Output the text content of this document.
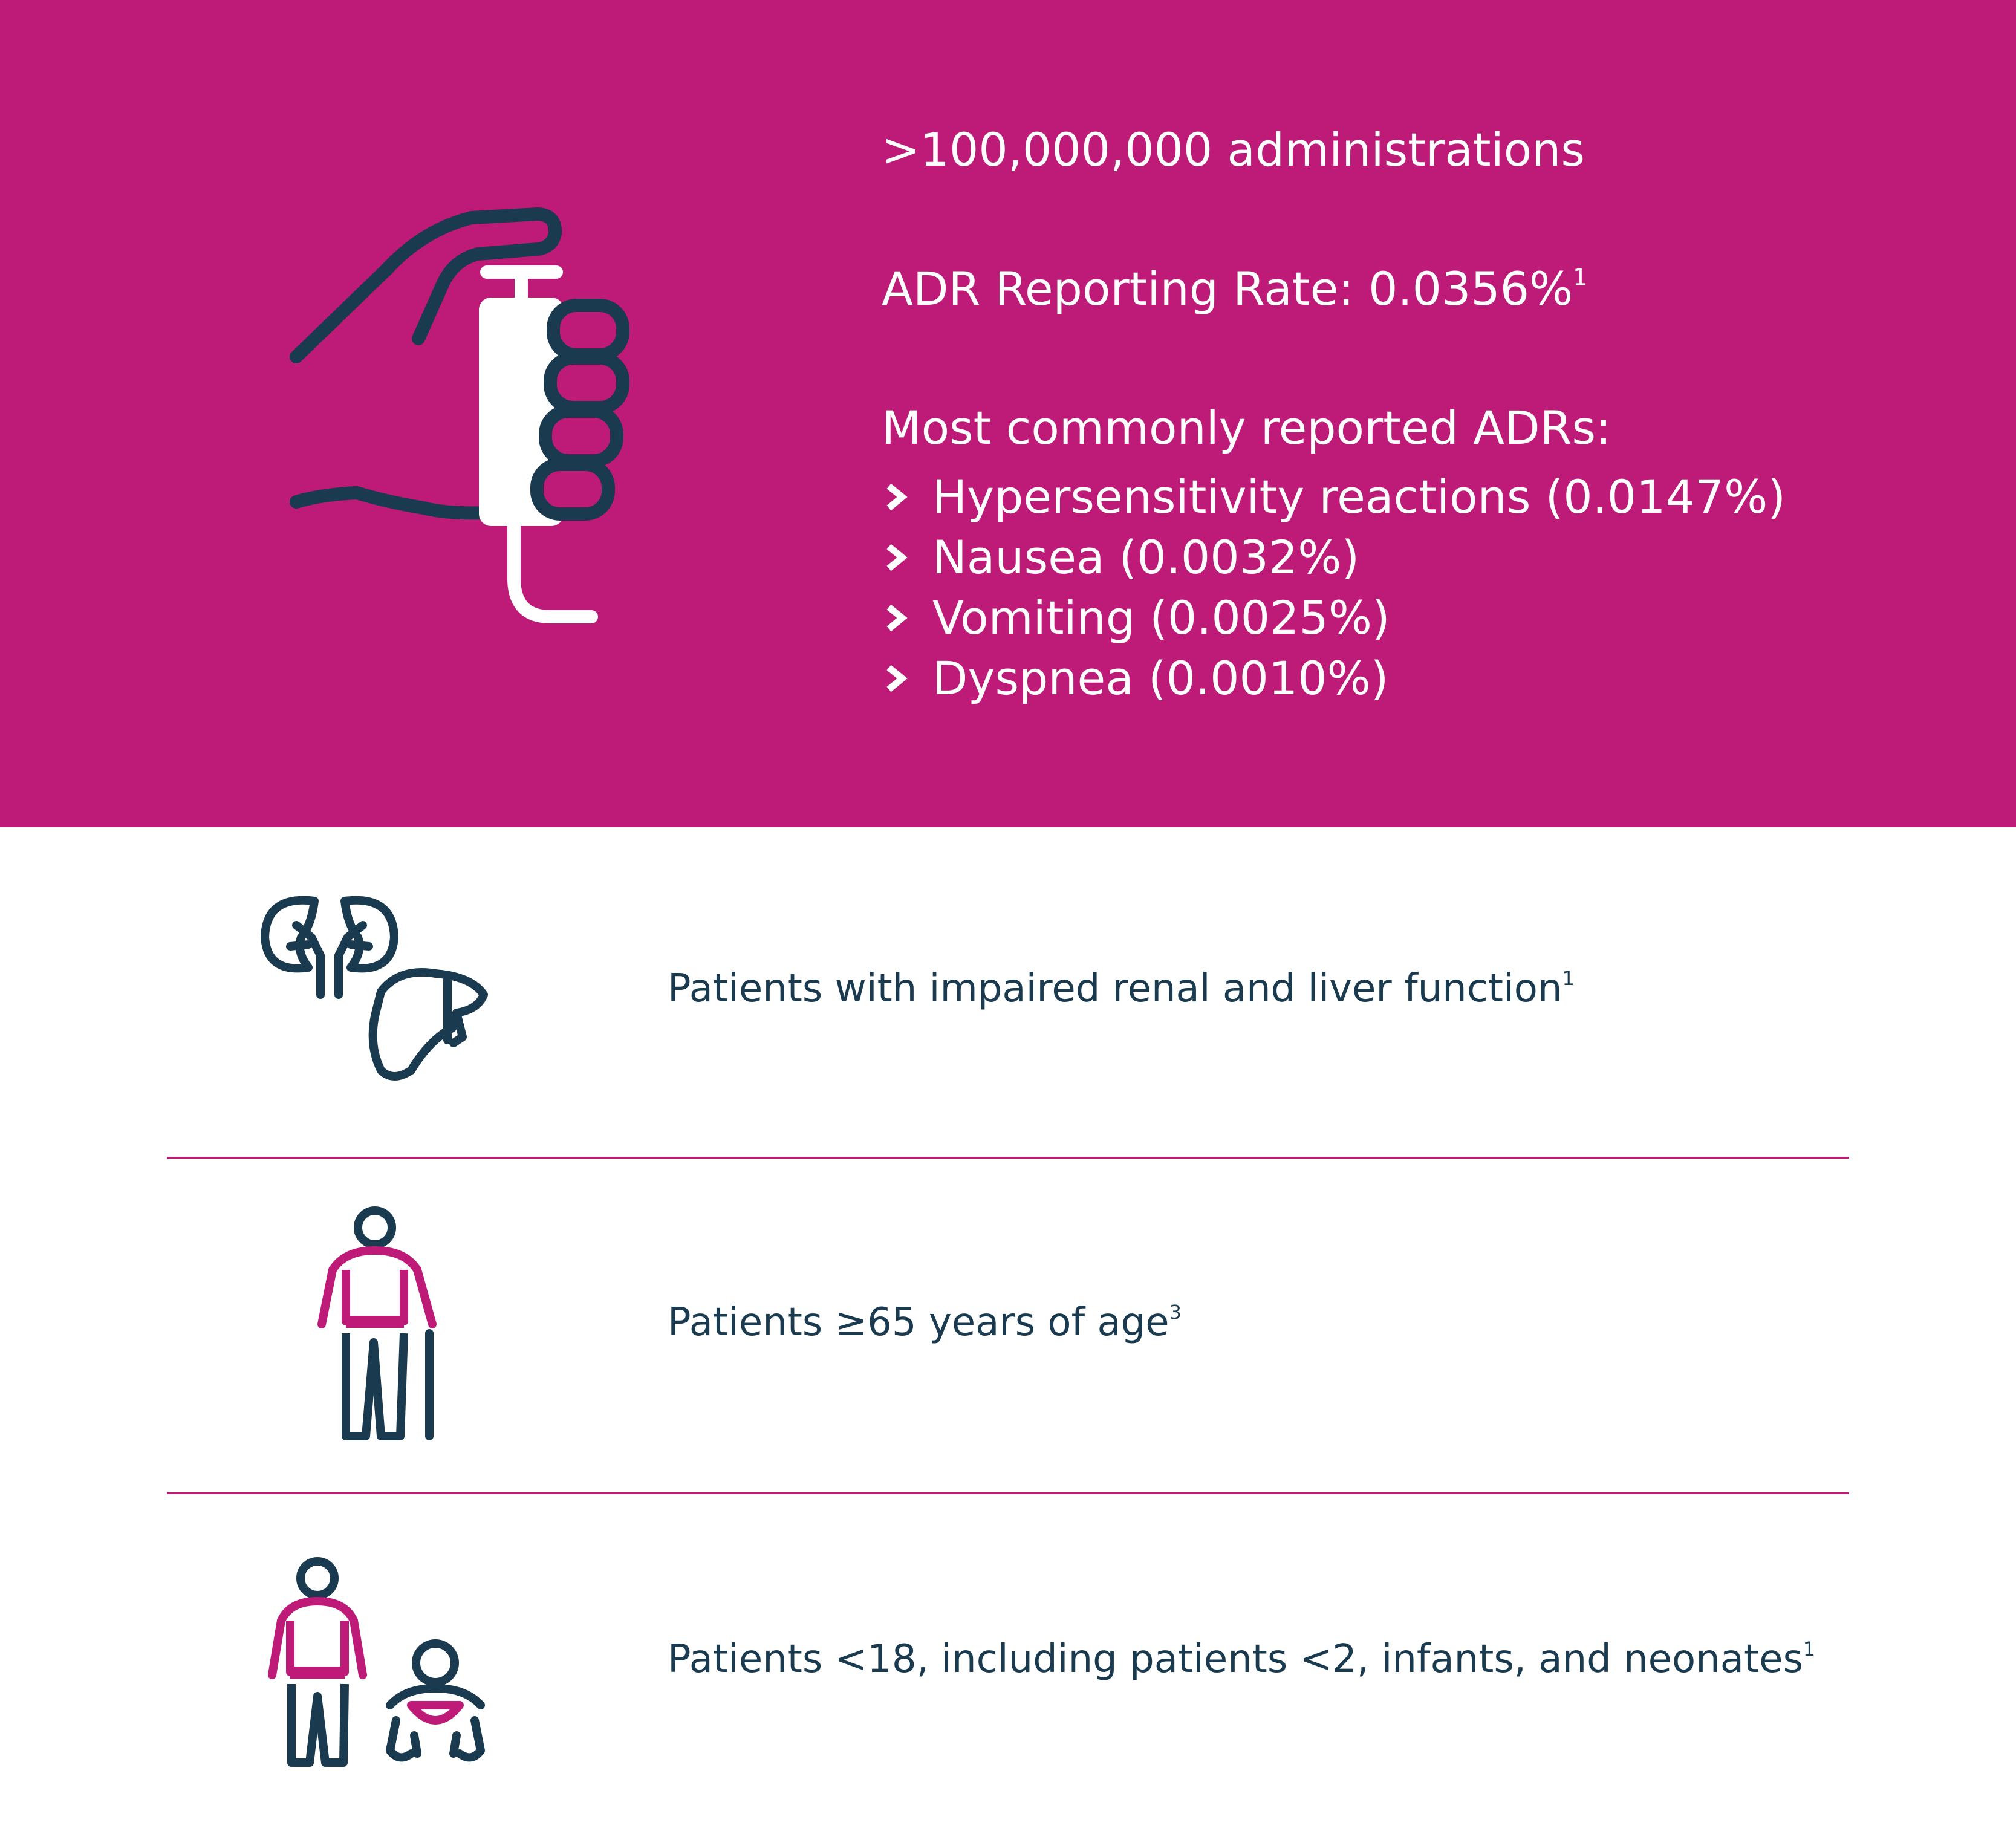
>100,000,000 administrations
ADR Reporting Rate: 0.0356%$^1$
Most commonly reported ADRs:
Hypersensitivity reactions (0.0147%)
Nausea (0.0032%)
Vomiting (0.0025%)
Dyspnea (0.0010%)
Patients with impaired renal and liver function$^1$
Patients ≥65 years of age$^3$
Patients <18, including patients <2, infants, and neonates$^1$
